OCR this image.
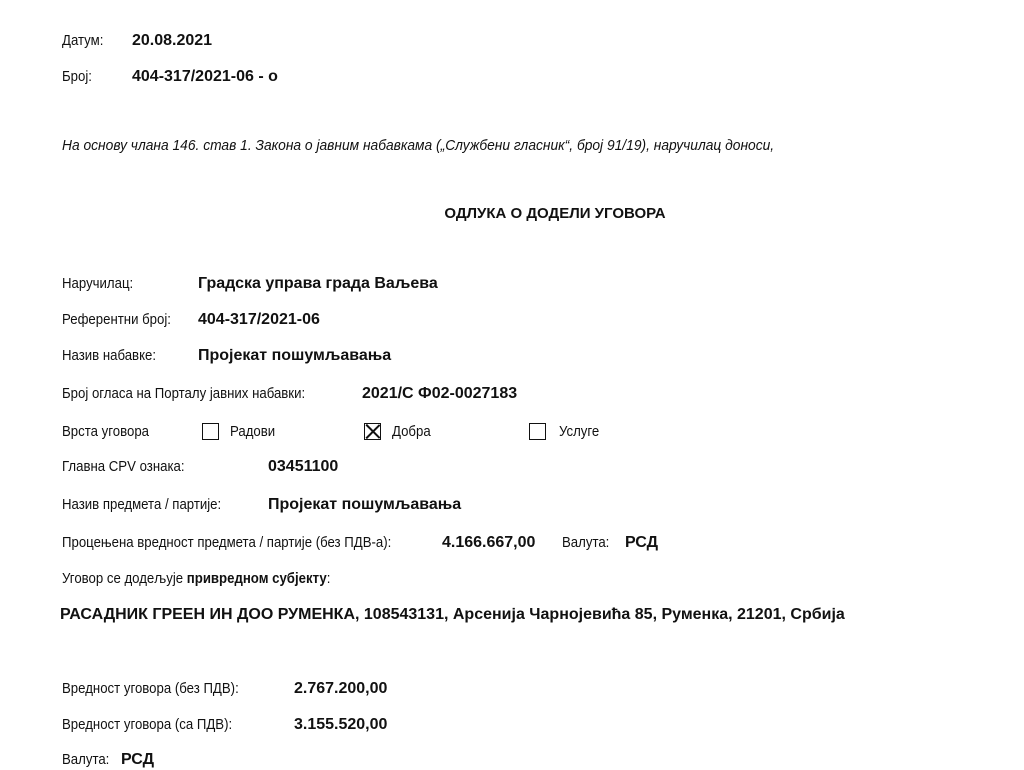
Датум: 20.08.2021
Број:	404-317/2021-06 - о
На основу члана 146. став 1. Закона о јавним набавкама („Службени гласник“, број 91/19), наручилац доноси,
ОДЛУКА О ДОДЕЛИ УГОВОРА
Наручилац:	Градска управа града Ваљева
Референтни број: 404-317/2021-06
Назив набавке:	Пројекат пошумљавања
Број огласа на Порталу јавних набавки:	2021/С Ф02-0027183
Врста уговора	Радови	Добра	Услуге
Главна CPV ознака:	03451100
Назив предмета / партије:	Пројекат пошумљавања
Процењена вредност предмета / партије (без ПДВ-а):	4.166.667,00 Валута: РСД
Уговор се додељује привредном субјекту:
РАСАДНИК ГРЕЕН ИН ДОО РУМЕНКА, 108543131, Арсенија Чарнојевића 85, Руменка, 21201, Србија
Вредност уговора (без ПДВ):	2.767.200,00
Вредност уговора (са ПДВ):	3.155.520,00
Валута: РСД
